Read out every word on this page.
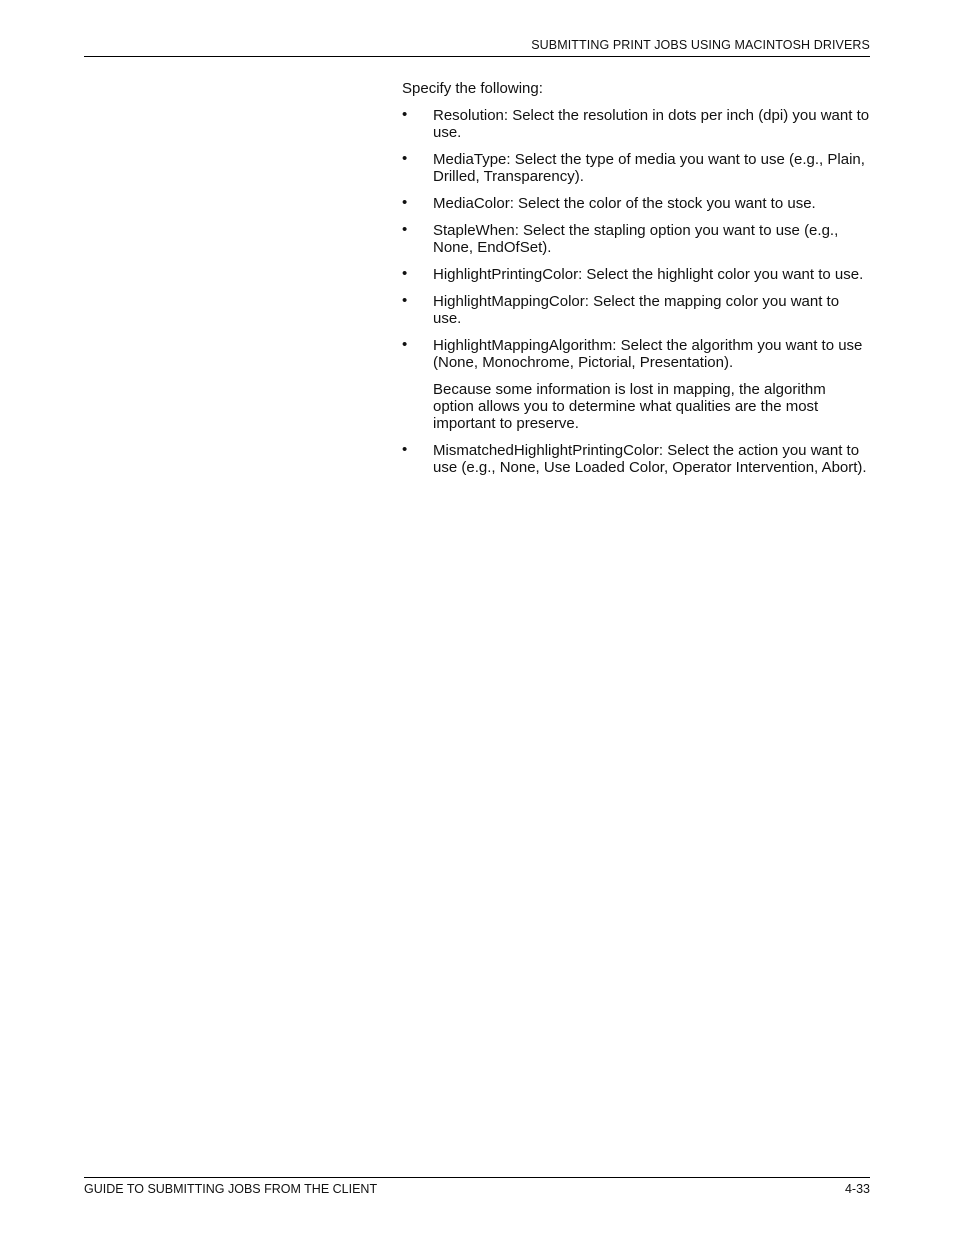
SUBMITTING PRINT JOBS USING MACINTOSH DRIVERS

Specify the following:

• Resolution: Select the resolution in dots per inch (dpi) you want to use.
• MediaType: Select the type of media you want to use (e.g., Plain, Drilled, Transparency).
• MediaColor: Select the color of the stock you want to use.
• StapleWhen: Select the stapling option you want to use (e.g., None, EndOfSet).
• HighlightPrintingColor: Select the highlight color you want to use.
• HighlightMappingColor: Select the mapping color you want to use.
• HighlightMappingAlgorithm: Select the algorithm you want to use (None, Monochrome, Pictorial, Presentation).
Because some information is lost in mapping, the algorithm option allows you to determine what qualities are the most important to preserve.
• MismatchedHighlightPrintingColor: Select the action you want to use (e.g., None, Use Loaded Color, Operator Intervention, Abort).
GUIDE TO SUBMITTING JOBS FROM THE CLIENT	4-33
